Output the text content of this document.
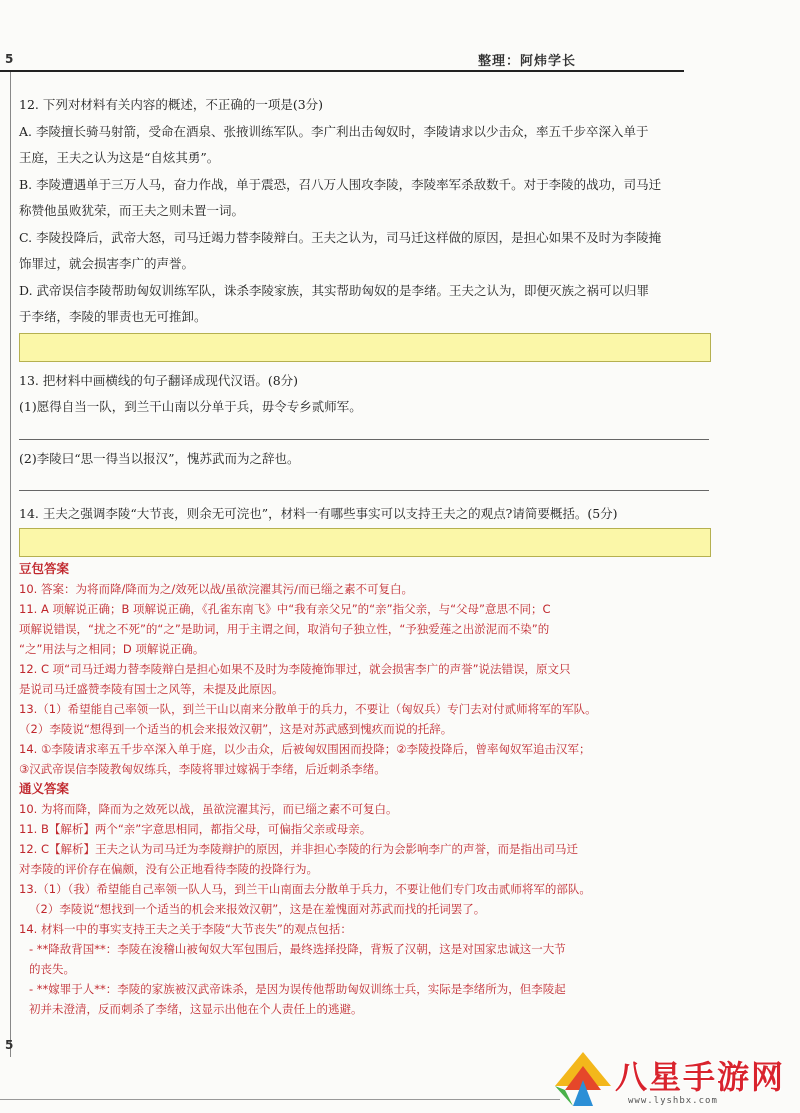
5	整理：阿炜学长

12. 下列对材料有关内容的概述，不正确的一项是(3分)

A. 李陵擅长骑马射箭，受命在酒泉、张掖训练军队。李广利出击匈奴时，李陵请求以少击众，率五千步卒深入单于

王庭，王夫之认为这是“自炫其勇”。

B. 李陵遭遇单于三万人马，奋力作战，单于震恐，召八万人围攻李陵，李陵率军杀敌数千。对于李陵的战功，司马迁

称赞他虽败犹荣，而王夫之则未置一词。

C. 李陵投降后，武帝大怒，司马迁竭力替李陵辩白。王夫之认为，司马迁这样做的原因，是担心如果不及时为李陵掩

饰罪过，就会损害李广的声誉。

D. 武帝误信李陵帮助匈奴训练军队，诛杀李陵家族，其实帮助匈奴的是李绪。王夫之认为，即便灭族之祸可以归罪

于李绪，李陵的罪责也无可推卸。

13. 把材料中画横线的句子翻译成现代汉语。(8分)

(1)愿得自当一队，到兰干山南以分单于兵，毋令专乡贰师军。

(2)李陵曰“思一得当以报汉”，愧苏武而为之辞也。

14. 王夫之强调李陵“大节丧，则余无可浣也”，材料一有哪些事实可以支持王夫之的观点?请简要概括。(5分)

豆包答案

10. 答案：为将而降/降而为之/效死以战/虽欲浣濯其污/而已缁之素不可复白。

11. A 项解说正确；B 项解说正确，《孔雀东南飞》中“我有亲父兄”的“亲”指父亲，与“父母”意思不同；C

项解说错误，“扰之不死”的“之”是助词，用于主谓之间，取消句子独立性，“予独爱莲之出淤泥而不染”的

“之”用法与之相同；D 项解说正确。

12. C 项“司马迁竭力替李陵辩白是担心如果不及时为李陵掩饰罪过，就会损害李广的声誉”说法错误，原文只

是说司马迁盛赞李陵有国士之风等，未提及此原因。

13.（1）希望能自己率领一队，到兰干山以南来分散单于的兵力，不要让（匈奴兵）专门去对付贰师将军的军队。

（2）李陵说“想得到一个适当的机会来报效汉朝”，这是对苏武感到愧疚而说的托辞。

14. ①李陵请求率五千步卒深入单于庭，以少击众，后被匈奴围困而投降；②李陵投降后，曾率匈奴军追击汉军；

③汉武帝误信李陵教匈奴练兵，李陵将罪过嫁祸于李绪，后近刺杀李绪。

通义答案

10. 为将而降，降而为之效死以战，虽欲浣濯其污，而已缁之素不可复白。

11. B【解析】两个“亲”字意思相同，都指父母，可偏指父亲或母亲。

12. C【解析】王夫之认为司马迁为李陵辩护的原因，并非担心李陵的行为会影响李广的声誉，而是指出司马迁

对李陵的评价存在偏颇，没有公正地看待李陵的投降行为。

13.（1）（我）希望能自己率领一队人马，到兰干山南面去分散单于兵力，不要让他们专门攻击贰师将军的部队。

（2）李陵说“想找到一个适当的机会来报效汉朝”，这是在羞愧面对苏武而找的托词罢了。

14. 材料一中的事实支持王夫之关于李陵“大节丧失”的观点包括：

- **降敌背国**：李陵在浚稽山被匈奴大军包围后，最终选择投降，背叛了汉朝，这是对国家忠诚这一大节

的丧失。

- **嫁罪于人**：李陵的家族被汉武帝诛杀，是因为误传他帮助匈奴训练士兵，实际是李绪所为，但李陵起

初并未澄清，反而刺杀了李绪，这显示出他在个人责任上的逃避。

5
八星手游网
www.lyshbx.com
